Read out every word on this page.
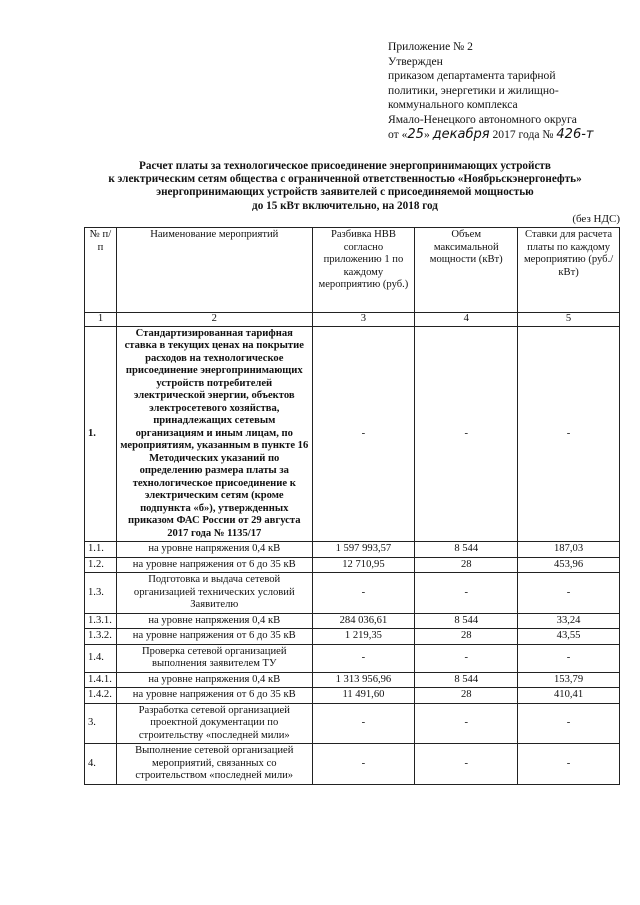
Приложение № 2
Утвержден
приказом департамента тарифной
политики, энергетики и жилищно-
коммунального комплекса
Ямало-Ненецкого автономного округа
от «25» декабря 2017 года № 426-т
Расчет платы за технологическое присоединение энергопринимающих устройств
к электрическим сетям общества с ограниченной ответственностью «Ноябрьскэнергонефть»
энергопринимающих устройств заявителей с присоединяемой мощностью
до 15 кВт включительно, на 2018 год
(без НДС)
№ п/п	Наименование мероприятий	Разбивка НВВ согласно приложению 1 по каждому мероприятию (руб.)	Объем максимальной мощности (кВт)	Ставки для расчета платы по каждому мероприятию (руб./кВт)
1	2	3	4	5
1.	Стандартизированная тарифная ставка в текущих ценах на покрытие расходов на технологическое присоединение энергопринимающих устройств потребителей электрической энергии, объектов электросетевого хозяйства, принадлежащих сетевым организациям и иным лицам, по мероприятиям, указанным в пункте 16 Методических указаний по определению размера платы за технологическое присоединение к электрическим сетям (кроме подпункта «б»), утвержденных приказом ФАС России от 29 августа 2017 года № 1135/17	-	-	-
1.1.	на уровне напряжения 0,4 кВ	1 597 993,57	8 544	187,03
1.2.	на уровне напряжения от 6 до 35 кВ	12 710,95	28	453,96
1.3.	Подготовка и выдача сетевой организацией технических условий Заявителю	-	-	-
1.3.1.	на уровне напряжения 0,4 кВ	284 036,61	8 544	33,24
1.3.2.	на уровне напряжения от 6 до 35 кВ	1 219,35	28	43,55
1.4.	Проверка сетевой организацией выполнения заявителем ТУ	-	-	-
1.4.1.	на уровне напряжения 0,4 кВ	1 313 956,96	8 544	153,79
1.4.2.	на уровне напряжения от 6 до 35 кВ	11 491,60	28	410,41
3.	Разработка сетевой организацией проектной документации по строительству «последней мили»	-	-	-
4.	Выполнение сетевой организацией мероприятий, связанных со строительством «последней мили»	-	-	-
